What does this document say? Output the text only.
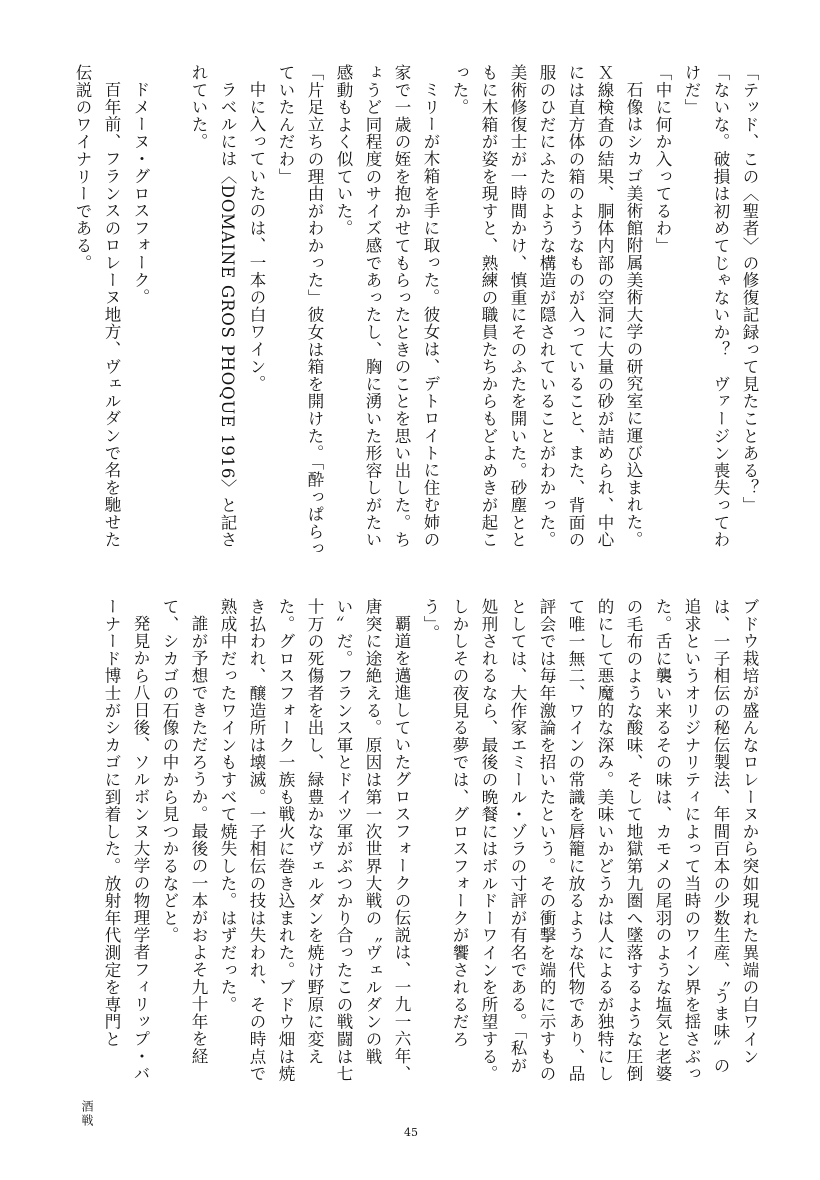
「テッド、この〈聖者〉の修復記録って見たことある？」

「ないな。破損は初めてじゃないか？　ヴァージン喪失ってわけだ」

「中に何か入ってるわ」

石像はシカゴ美術館附属美術大学の研究室に運び込まれた。Ｘ線検査の結果、胴体内部の空洞に大量の砂が詰められ、中心には直方体の箱のようなものが入っていること、また、背面の服のひだにふたのような構造が隠されていることがわかった。美術修復士が一時間かけ、慎重にそのふたを開いた。砂塵とともに木箱が姿を現すと、熟練の職員たちからもどよめきが起こった。

ミリーが木箱を手に取った。彼女は、デトロイトに住む姉の家で一歳の姪を抱かせてもらったときのことを思い出した。ちょうど同程度のサイズ感であったし、胸に湧いた形容しがたい感動もよく似ていた。

「片足立ちの理由がわかった」彼女は箱を開けた。「酔っぱらっていたんだわ」

中に入っていたのは、一本の白ワイン。

ラベルには〈DOMAINE GROS PHOQUE 1916〉と記されていた。

ドメーヌ・グロスフォーク。

百年前、フランスのロレーヌ地方、ヴェルダンで名を馳せた伝説のワイナリーである。

ブドウ栽培が盛んなロレーヌから突如現れた異端の白ワインは、一子相伝の秘伝製法、年間百本の少数生産、〝うま味〟の追求というオリジナリティによって当時のワイン界を揺さぶった。舌に襲い来るその味は、カモメの尾羽のような塩気と老婆の毛布のような酸味、そして地獄第九圏へ墜落するような圧倒的にして悪魔的な深み。美味いかどうかは人によるが独特にして唯一無二、ワインの常識を唇籠に放るような代物であり、品評会では毎年激論を招いたという。その衝撃を端的に示すものとしては、大作家エミール・ゾラの寸評が有名である。「私が処刑されるなら、最後の晩餐にはボルドーワインを所望する。しかしその夜見る夢では、グロスフォークが饗されるだろう」。

覇道を邁進していたグロスフォークの伝説は、一九一六年、唐突に途絶える。原因は第一次世界大戦の〝ヴェルダンの戦い〟だ。フランス軍とドイツ軍がぶつかり合ったこの戦闘は七十万の死傷者を出し、緑豊かなヴェルダンを焼け野原に変えた。グロスフォーク一族も戦火に巻き込まれた。ブドウ畑は焼き払われ、醸造所は壊滅。一子相伝の技は失われ、その時点で熟成中だったワインもすべて焼失した。はずだった。

誰が予想できただろうか。最後の一本がおよそ九十年を経て、シカゴの石像の中から見つかるなどと。

発見から八日後、ソルボンヌ大学の物理学者フィリップ・バーナード博士がシカゴに到着した。放射年代測定を専門と

酒戦
45
